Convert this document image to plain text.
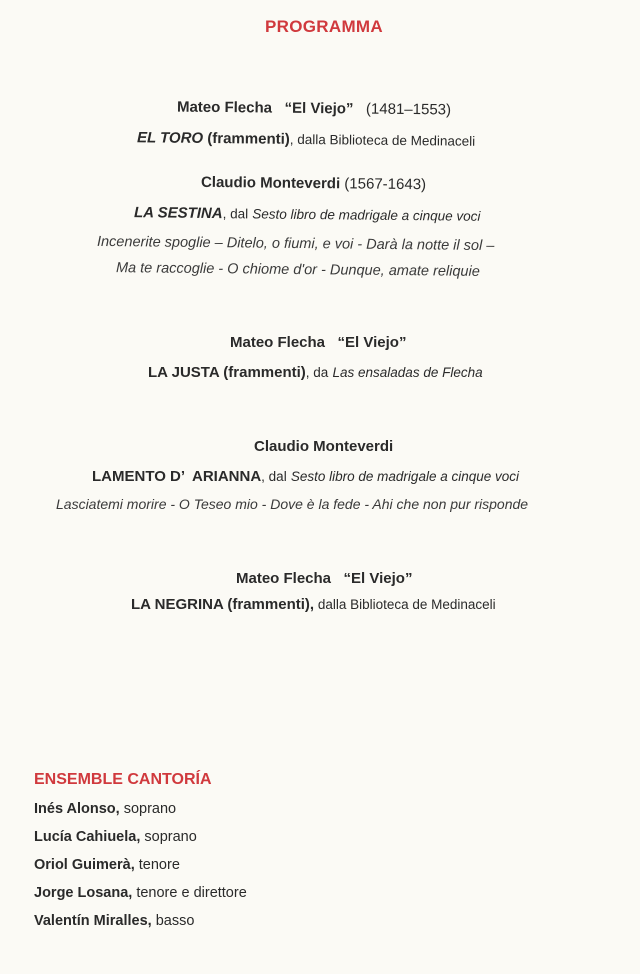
PROGRAMMA
Mateo Flecha “El Viejo” (1481–1553)
EL TORO (frammenti), dalla Biblioteca de Medinaceli
Claudio Monteverdi (1567-1643)
LA SESTINA, dal Sesto libro de madrigale a cinque voci
Incenerite spoglie – Ditelo, o fiumi, e voi - Darà la notte il sol –
Ma te raccoglie - O chiome d'or - Dunque, amate reliquie
Mateo Flecha “El Viejo”
LA JUSTA (frammenti), da Las ensaladas de Flecha
Claudio Monteverdi
LAMENTO D’  ARIANNA, dal Sesto libro de madrigale a cinque voci
Lasciatemi morire - O Teseo mio - Dove è la fede - Ahi che non pur risponde
Mateo Flecha “El Viejo”
LA NEGRINA (frammenti), dalla Biblioteca de Medinaceli
ENSEMBLE CANTORÍA
Inés Alonso, soprano
Lucía Cahiuela, soprano
Oriol Guimerà, tenore
Jorge Losana, tenore e direttore
Valentín Miralles, basso
